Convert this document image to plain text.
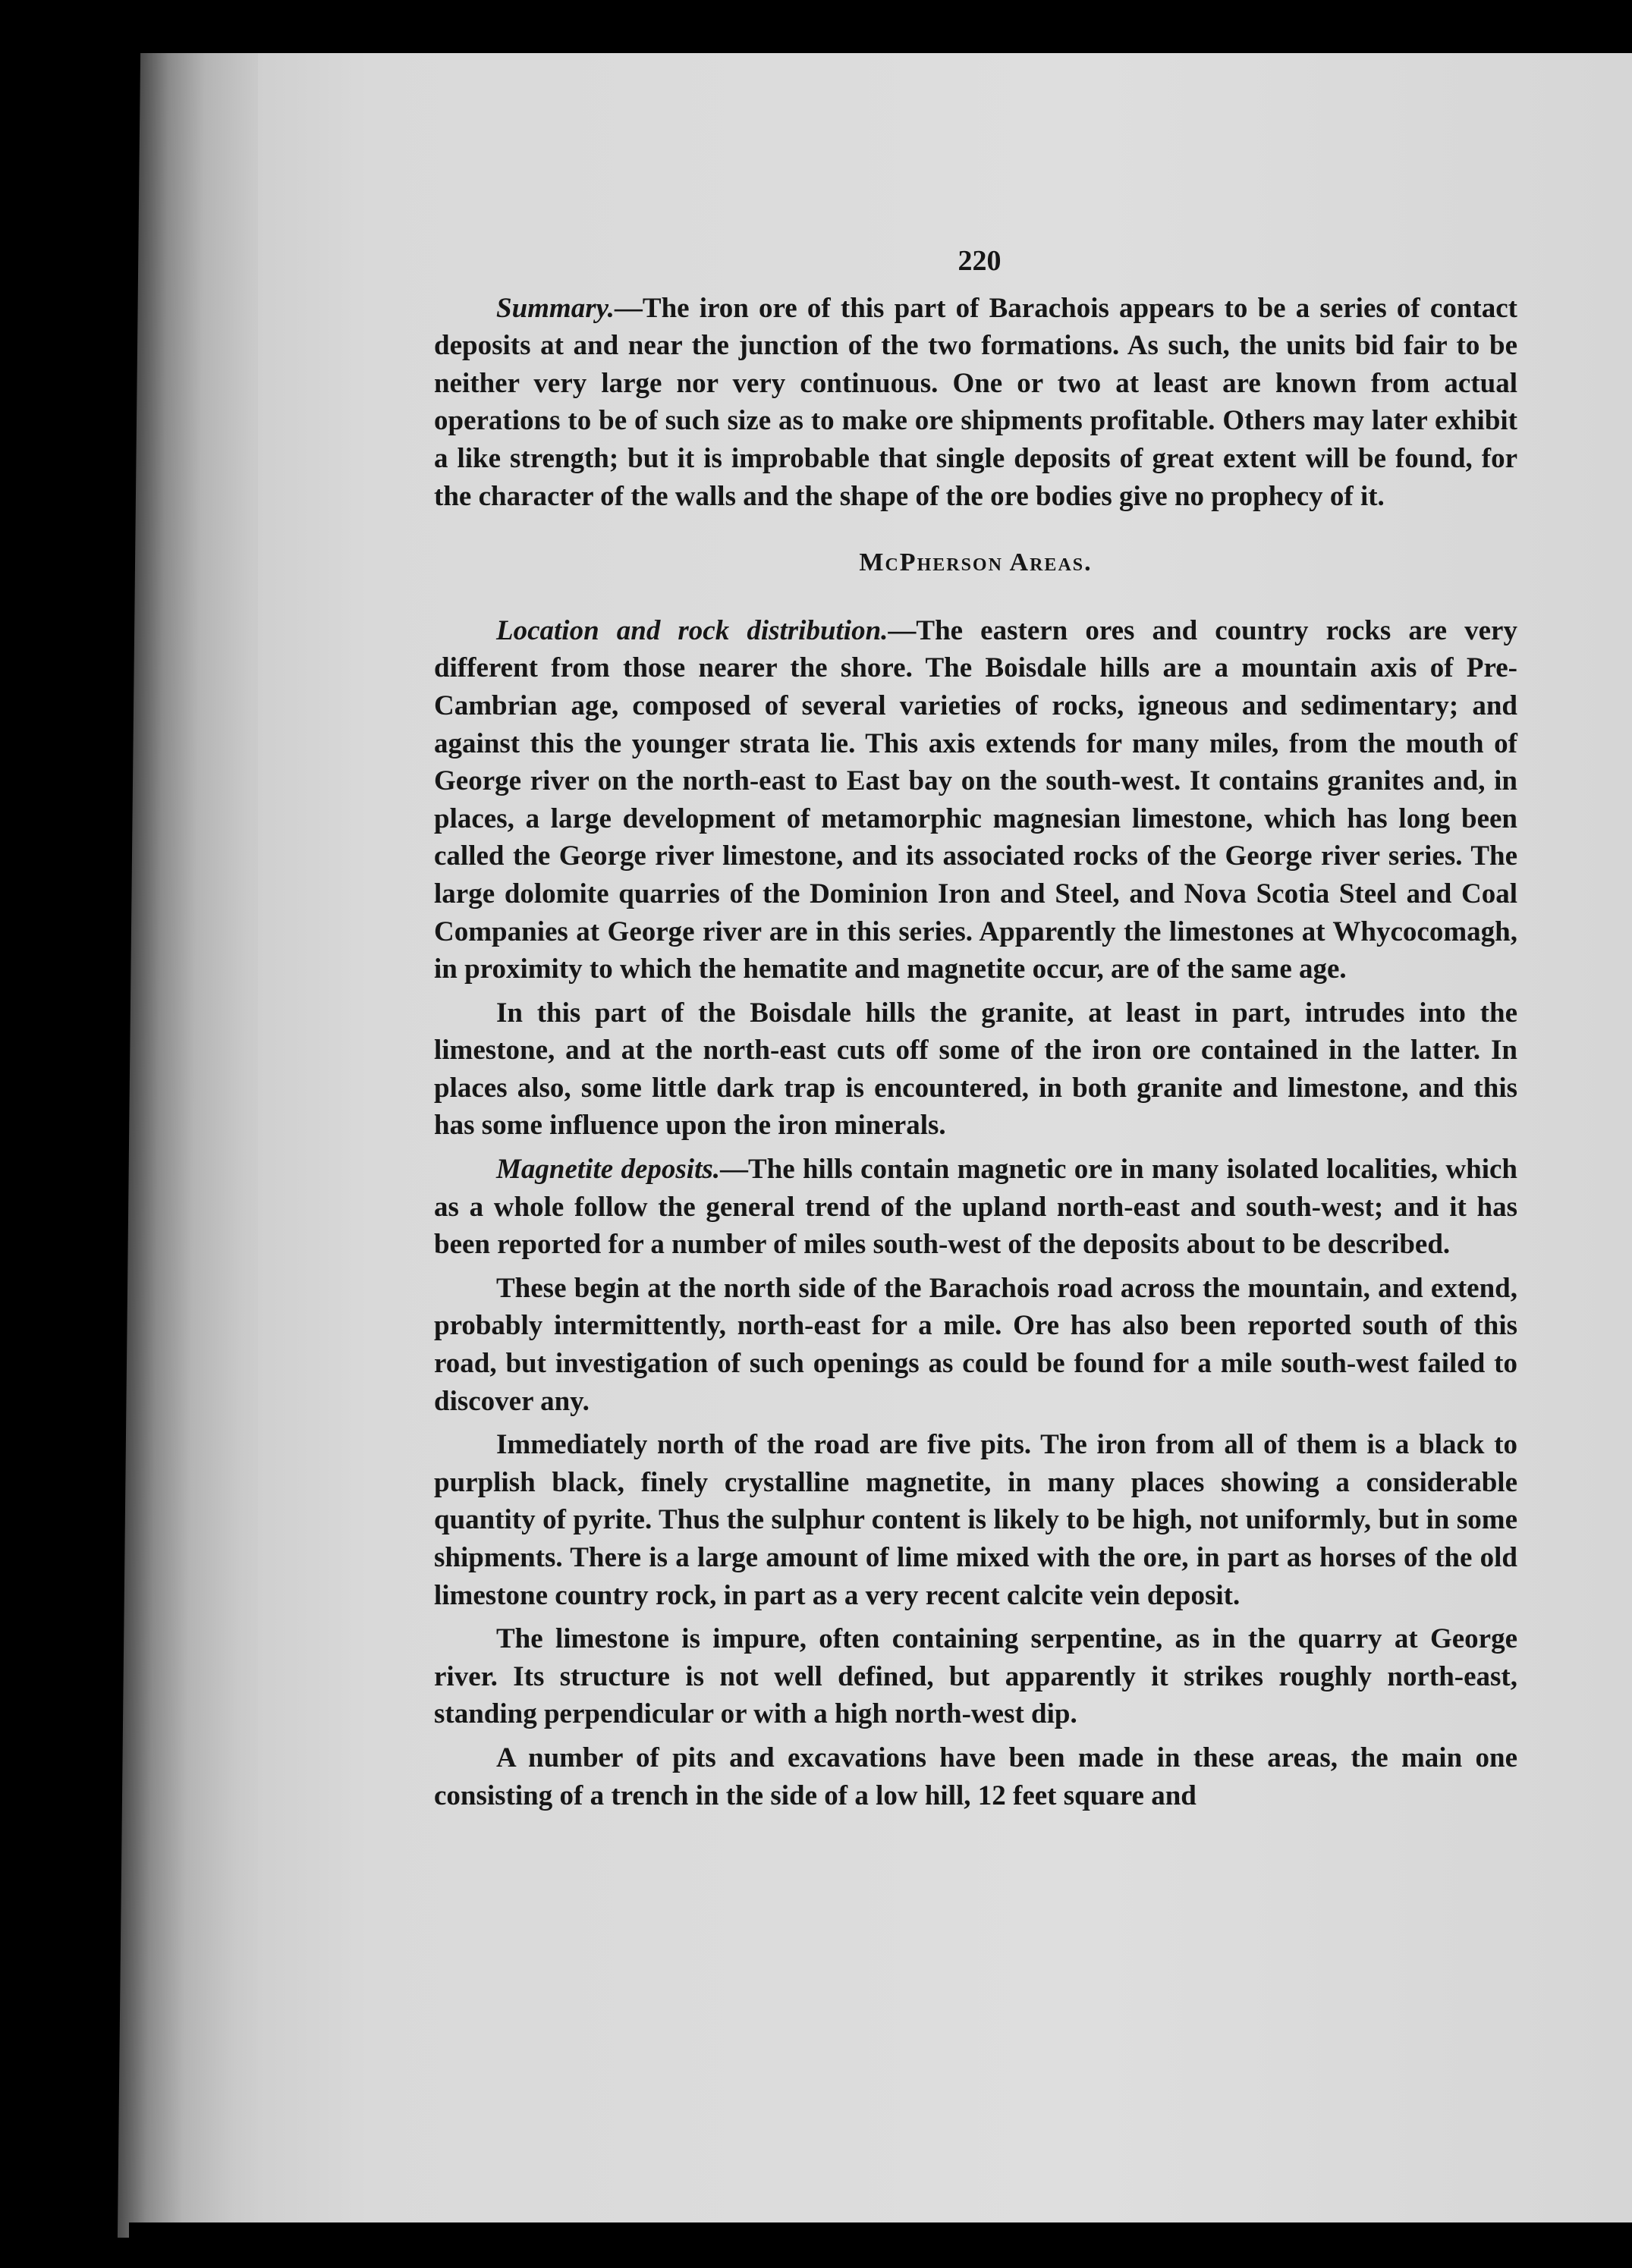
220

Summary.—The iron ore of this part of Barachois appears to be a series of contact deposits at and near the junction of the two formations. As such, the units bid fair to be neither very large nor very continuous. One or two at least are known from actual operations to be of such size as to make ore shipments profitable. Others may later exhibit a like strength; but it is improbable that single deposits of great extent will be found, for the character of the walls and the shape of the ore bodies give no prophecy of it.

McPherson Areas.

Location and rock distribution.—The eastern ores and country rocks are very different from those nearer the shore. The Boisdale hills are a mountain axis of Pre-Cambrian age, composed of several varieties of rocks, igneous and sedimentary; and against this the younger strata lie. This axis extends for many miles, from the mouth of George river on the north-east to East bay on the south-west. It contains granites and, in places, a large development of metamorphic magnesian limestone, which has long been called the George river limestone, and its associated rocks of the George river series. The large dolomite quarries of the Dominion Iron and Steel, and Nova Scotia Steel and Coal Companies at George river are in this series. Apparently the limestones at Whycocomagh, in proximity to which the hematite and magnetite occur, are of the same age.

In this part of the Boisdale hills the granite, at least in part, intrudes into the limestone, and at the north-east cuts off some of the iron ore contained in the latter. In places also, some little dark trap is encountered, in both granite and limestone, and this has some influence upon the iron minerals.

Magnetite deposits.—The hills contain magnetic ore in many isolated localities, which as a whole follow the general trend of the upland north-east and south-west; and it has been reported for a number of miles south-west of the deposits about to be described.

These begin at the north side of the Barachois road across the mountain, and extend, probably intermittently, north-east for a mile. Ore has also been reported south of this road, but investigation of such openings as could be found for a mile south-west failed to discover any.

Immediately north of the road are five pits. The iron from all of them is a black to purplish black, finely crystalline magnetite, in many places showing a considerable quantity of pyrite. Thus the sulphur content is likely to be high, not uniformly, but in some shipments. There is a large amount of lime mixed with the ore, in part as horses of the old limestone country rock, in part as a very recent calcite vein deposit.

The limestone is impure, often containing serpentine, as in the quarry at George river. Its structure is not well defined, but apparently it strikes roughly north-east, standing perpendicular or with a high north-west dip.

A number of pits and excavations have been made in these areas, the main one consisting of a trench in the side of a low hill, 12 feet square and
